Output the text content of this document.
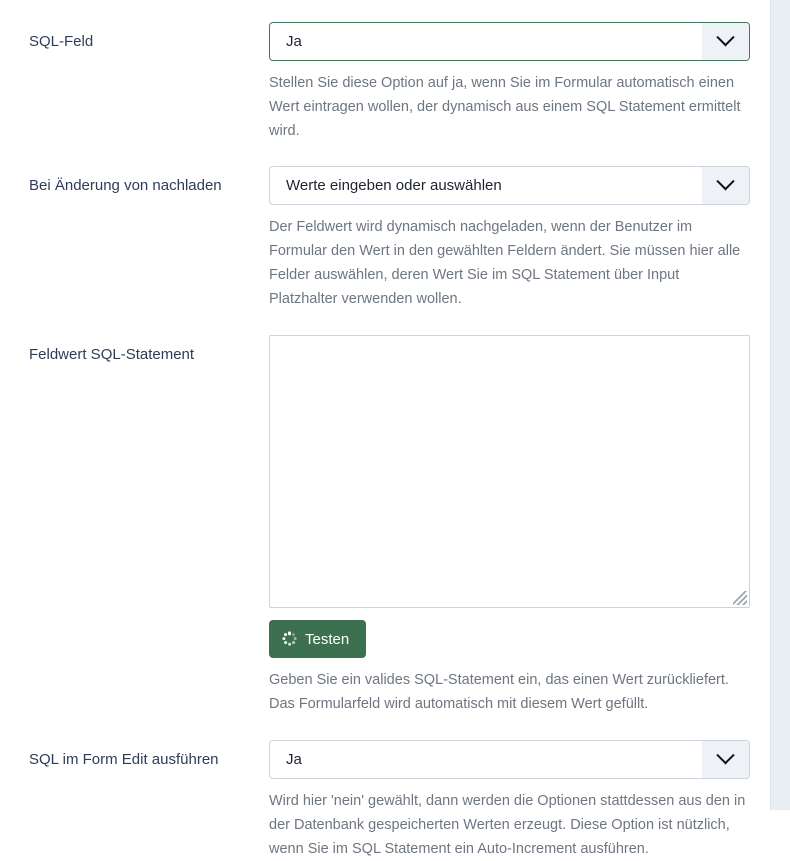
SQL-Feld	Ja
Stellen Sie diese Option auf ja, wenn Sie im Formular automatisch einen Wert eintragen wollen, der dynamisch aus einem SQL Statement ermittelt wird.
Bei Änderung von nachladen	Werte eingeben oder auswählen
Der Feldwert wird dynamisch nachgeladen, wenn der Benutzer im Formular den Wert in den gewählten Feldern ändert. Sie müssen hier alle Felder auswählen, deren Wert Sie im SQL Statement über Input Platzhalter verwenden wollen.
Feldwert SQL-Statement
Testen
Geben Sie ein valides SQL-Statement ein, das einen Wert zurückliefert. Das Formularfeld wird automatisch mit diesem Wert gefüllt.
SQL im Form Edit ausführen	Ja
Wird hier 'nein' gewählt, dann werden die Optionen stattdessen aus den in der Datenbank gespeicherten Werten erzeugt. Diese Option ist nützlich, wenn Sie im SQL Statement ein Auto-Increment ausführen.
